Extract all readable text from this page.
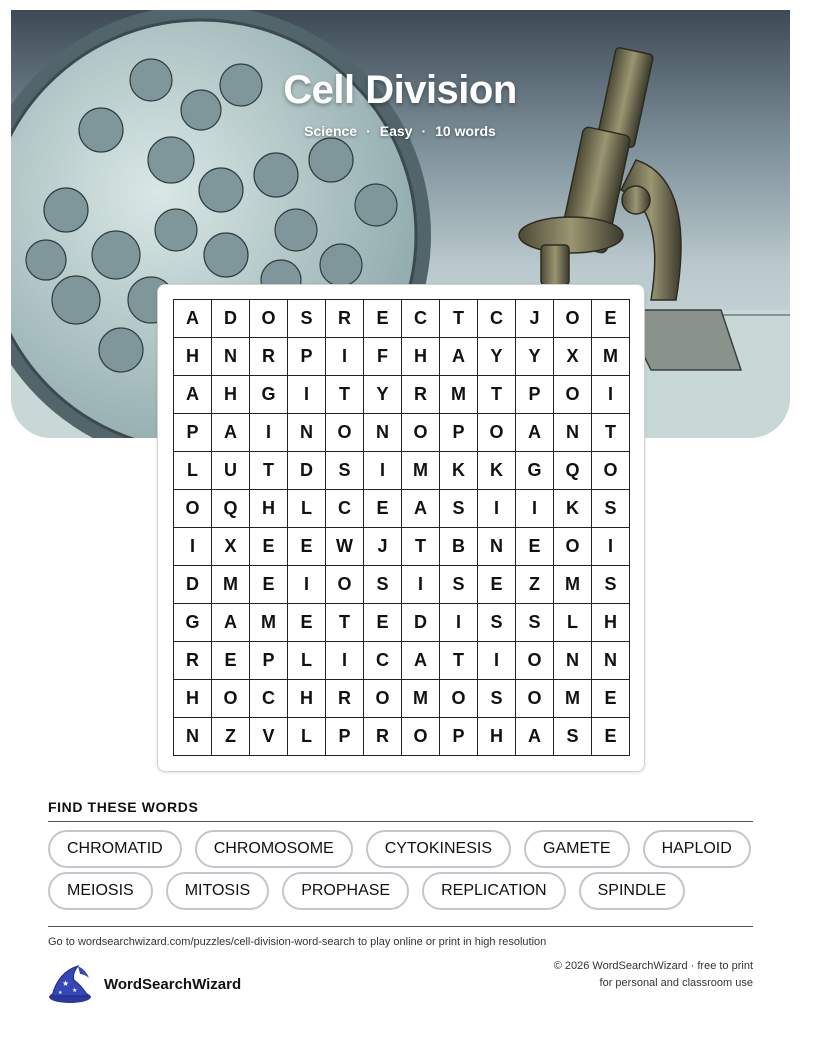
Cell Division
Science · Easy · 10 words
A	D	O	S	R	E	C	T	C	J	O	E
H	N	R	P	I	F	H	A	Y	Y	X	M
A	H	G	I	T	Y	R	M	T	P	O	I
P	A	I	N	O	N	O	P	O	A	N	T
L	U	T	D	S	I	M	K	K	G	Q	O
O	Q	H	L	C	E	A	S	I	I	K	S
I	X	E	E	W	J	T	B	N	E	O	I
D	M	E	I	O	S	I	S	E	Z	M	S
G	A	M	E	T	E	D	I	S	S	L	H
R	E	P	L	I	C	A	T	I	O	N	N
H	O	C	H	R	O	M	O	S	O	M	E
N	Z	V	L	P	R	O	P	H	A	S	E
FIND THESE WORDS
CHROMATID	CHROMOSOME	CYTOKINESIS	GAMETE	HAPLOID
MEIOSIS	MITOSIS	PROPHASE	REPLICATION	SPINDLE
Go to wordsearchwizard.com/puzzles/cell-division-word-search to play online or print in high resolution
★
★
★
WordSearchWizard
© 2026 WordSearchWizard · free to print for personal and classroom use
